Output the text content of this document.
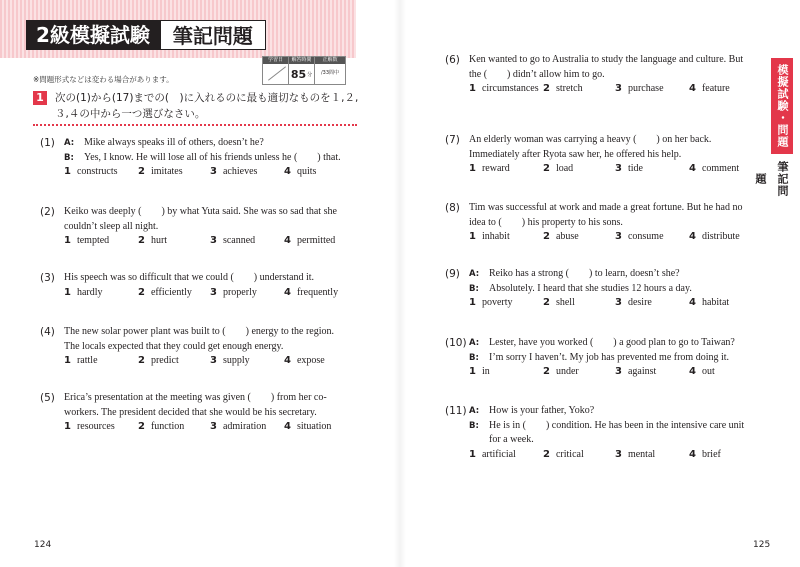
2級模擬試験	筆記問題
学習日	解答時間
85 分
正解数
/33問中
※問題形式などは変わる場合があります。
1	次の(1)から(17)までの(　)に入れるのに最も適切なものを１,２,
３,４の中から一つ選びなさい。
(1) A: Mike always speaks ill of others, doesn’t he?
B: Yes, I know. He will lose all of his friends unless he (　　) that.
1 constructs 2 imitates	3 achieves	4 quits
(2) Keiko was deeply (　　) by what Yuta said. She was so sad that she
couldn’t sleep all night.
1 tempted	2 hurt	3 scanned	4 permitted
(3) His speech was so difficult that we could (　　) understand it.
1 hardly	2 efficiently 3 properly	4 frequently
(4) The new solar power plant was built to (　　) energy to the region.
The locals expected that they could get enough energy.
1 rattle	2 predict	3 supply	4 expose
(5) Erica’s presentation at the meeting was given (　　) from her co-
workers. The president decided that she would be his secretary.
1 resources 2 function	3 admiration 4 situation
(6) Ken wanted to go to Australia to study the language and culture. But
the (　　) didn’t allow him to go.
1 circumstances 2 stretch	3 purchase	4 feature
(7) An elderly woman was carrying a heavy (　　) on her back.
Immediately after Ryota saw her, he offered his help.
1 reward	2 load	3 tide	4 comment
(8) Tim was successful at work and made a great fortune. But he had no
idea to (　　) his property to his sons.
1 inhabit	2 abuse	3 consume	4 distribute
(9) A: Reiko has a strong (　　) to learn, doesn’t she?
B: Absolutely. I heard that she studies 12 hours a day.
1 poverty	2 shell	3 desire	4 habitat
(10) A: Lester, have you worked (　　) a good plan to go to Taiwan?
B: I’m sorry I haven’t. My job has prevented me from doing it.
1 in	2 under	3 against	4 out
(11) A: How is your father, Yoko?
B: He is in (　　) condition. He has been in the intensive care unit
for a week.
1 artificial	2 critical	3 mental	4 brief
模擬試験・問題
筆記問題
124	125
